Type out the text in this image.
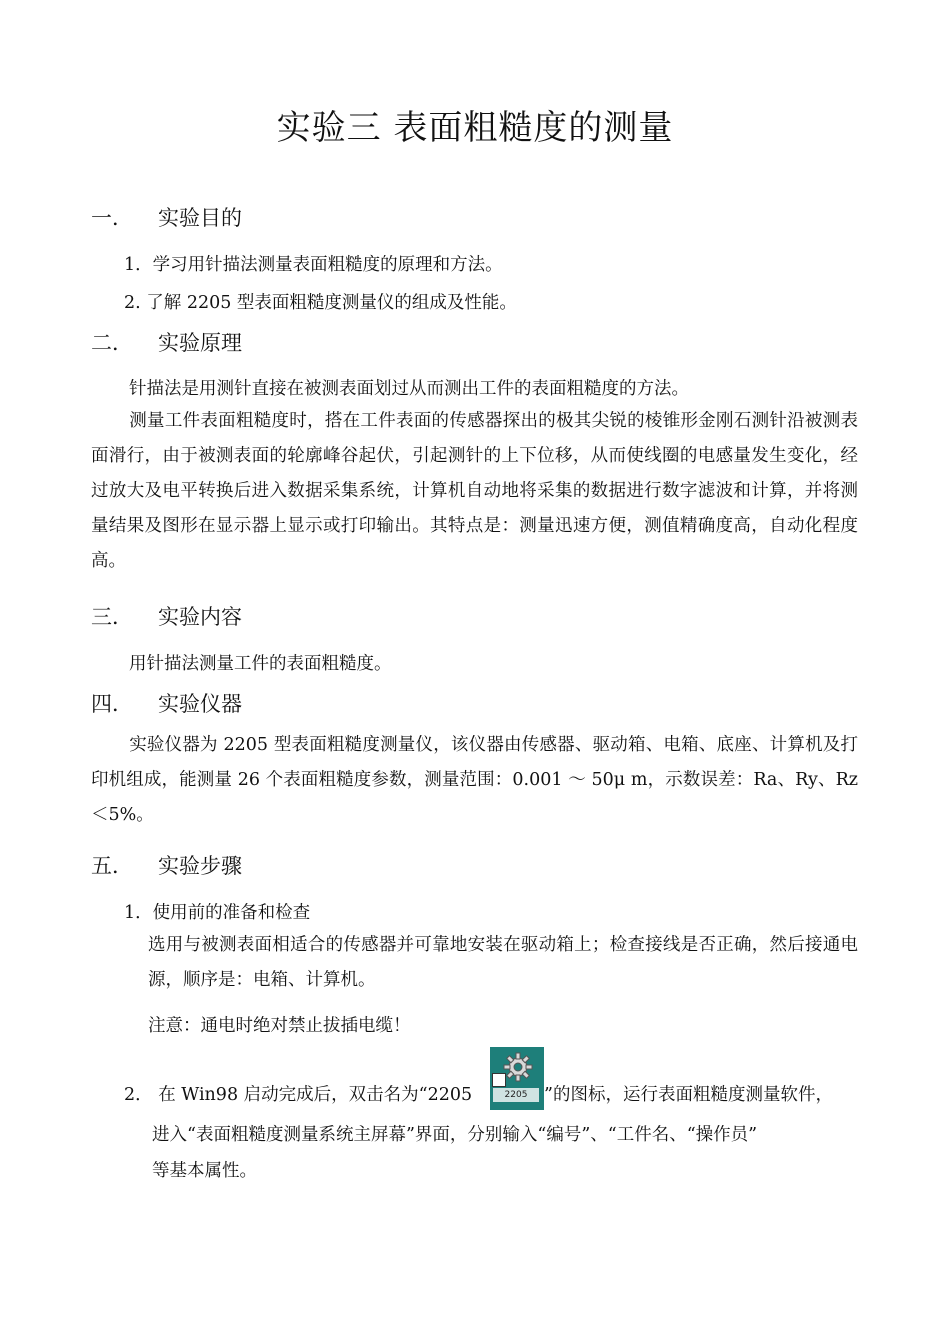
实验三 表面粗糙度的测量
一． 实验目的
1．学习用针描法测量表面粗糙度的原理和方法。
2. 了解 2205 型表面粗糙度测量仪的组成及性能。
二． 实验原理
针描法是用测针直接在被测表面划过从而测出工件的表面粗糙度的方法。
测量工件表面粗糙度时，搭在工件表面的传感器探出的极其尖锐的棱锥形金刚石测针沿被测表面滑行，由于被测表面的轮廓峰谷起伏，引起测针的上下位移，从而使线圈的电感量发生变化，经过放大及电平转换后进入数据采集系统，计算机自动地将采集的数据进行数字滤波和计算，并将测量结果及图形在显示器上显示或打印输出。其特点是：测量迅速方便，测值精确度高，自动化程度高。
三． 实验内容
用针描法测量工件的表面粗糙度。
四． 实验仪器
实验仪器为 2205 型表面粗糙度测量仪，该仪器由传感器、驱动箱、电箱、底座、计算机及打印机组成，能测量 26 个表面粗糙度参数，测量范围：0.001 ～ 50μ m，示数误差：Ra、Ry、Rz＜5%。
五． 实验步骤
1．使用前的准备和检查
选用与被测表面相适合的传感器并可靠地安装在驱动箱上；检查接线是否正确，然后接通电源，顺序是：电箱、计算机。
注意：通电时绝对禁止拔插电缆！
2． 在 Win98 启动完成后，双击名为“2205	2205 ”的图标，运行表面粗糙度测量软件，
进入“表面粗糙度测量系统主屏幕”界面，分别输入“编号”、“工件名、“操作员”
等基本属性。
